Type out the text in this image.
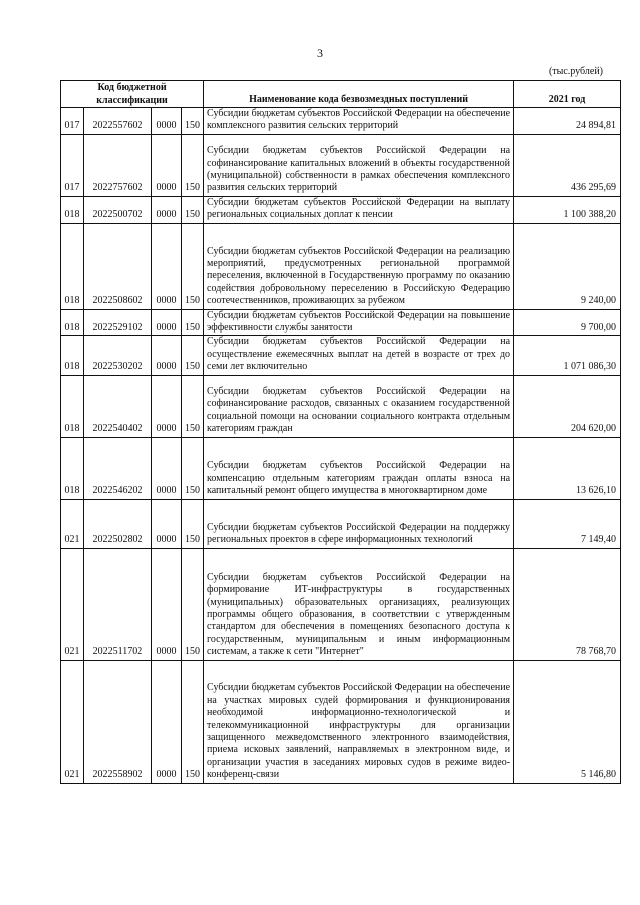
3
(тыс.рублей)
Код бюджетной классификации				Наименование кода безвозмездных поступлений	2021 год
017	2022557602	0000	150	Субсидии бюджетам субъектов Российской Федерации на обеспечение комплексного развития сельских территорий	24 894,81
017	2022757602	0000	150	Субсидии бюджетам субъектов Российской Федерации на софинансирование капитальных вложений в объекты государственной (муниципальной) собственности в рамках обеспечения комплексного развития сельских территорий	436 295,69
018	2022500702	0000	150	Субсидии бюджетам субъектов Российской Федерации на выплату региональных социальных доплат к пенсии	1 100 388,20
018	2022508602	0000	150	Субсидии бюджетам субъектов Российской Федерации на реализацию мероприятий, предусмотренных региональной программой переселения, включенной в Государственную программу по оказанию содействия добровольному переселению в Российскую Федерацию соотечественников, проживающих за рубежом	9 240,00
018	2022529102	0000	150	Субсидии бюджетам субъектов Российской Федерации на повышение эффективности службы занятости	9 700,00
018	2022530202	0000	150	Субсидии бюджетам субъектов Российской Федерации на осуществление ежемесячных выплат на детей в возрасте от трех до семи лет включительно	1 071 086,30
018	2022540402	0000	150	Субсидии бюджетам субъектов Российской Федерации на софинансирование расходов, связанных с оказанием государственной социальной помощи на основании социального контракта отдельным категориям граждан	204 620,00
018	2022546202	0000	150	Субсидии бюджетам субъектов Российской Федерации на компенсацию отдельным категориям граждан оплаты взноса на капитальный ремонт общего имущества в многоквартирном доме	13 626,10
021	2022502802	0000	150	Субсидии бюджетам субъектов Российской Федерации на поддержку региональных проектов в сфере информационных технологий	7 149,40
021	2022511702	0000	150	Субсидии бюджетам субъектов Российской Федерации на формирование ИТ-инфраструктуры в государственных (муниципальных) образовательных организациях, реализующих программы общего образования, в соответствии с утвержденным стандартом для обеспечения в помещениях безопасного доступа к государственным, муниципальным и иным информационным системам, а также к сети "Интернет"	78 768,70
021	2022558902	0000	150	Субсидии бюджетам субъектов Российской Федерации на обеспечение на участках мировых судей формирования и функционирования необходимой информационно-технологической и телекоммуникационной инфраструктуры для организации защищенного межведомственного электронного взаимодействия, приема исковых заявлений, направляемых в электронном виде, и организации участия в заседаниях мировых судов в режиме видео-конференц-связи	5 146,80
